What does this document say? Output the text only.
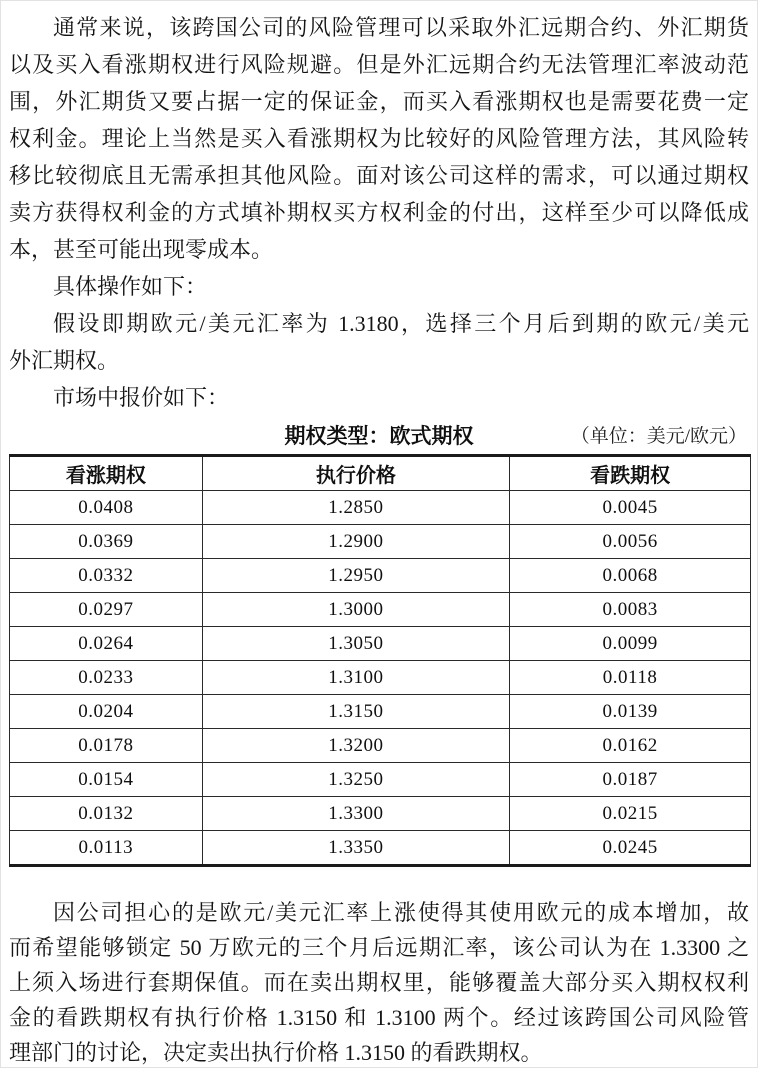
通常来说，该跨国公司的风险管理可以采取外汇远期合约、外汇期货
以及买入看涨期权进行风险规避。但是外汇远期合约无法管理汇率波动范
围，外汇期货又要占据一定的保证金，而买入看涨期权也是需要花费一定
权利金。理论上当然是买入看涨期权为比较好的风险管理方法，其风险转
移比较彻底且无需承担其他风险。面对该公司这样的需求，可以通过期权
卖方获得权利金的方式填补期权买方权利金的付出，这样至少可以降低成
本，甚至可能出现零成本。
具体操作如下：
假设即期欧元/美元汇率为 1.3180，选择三个月后到期的欧元/美元
外汇期权。
市场中报价如下：
期权类型：欧式期权	（单位：美元/欧元）
看涨期权	执行价格	看跌期权
0.0408	1.2850	0.0045
0.0369	1.2900	0.0056
0.0332	1.2950	0.0068
0.0297	1.3000	0.0083
0.0264	1.3050	0.0099
0.0233	1.3100	0.0118
0.0204	1.3150	0.0139
0.0178	1.3200	0.0162
0.0154	1.3250	0.0187
0.0132	1.3300	0.0215
0.0113	1.3350	0.0245
因公司担心的是欧元/美元汇率上涨使得其使用欧元的成本增加，故
而希望能够锁定 50 万欧元的三个月后远期汇率，该公司认为在 1.3300 之
上须入场进行套期保值。而在卖出期权里，能够覆盖大部分买入期权权利
金的看跌期权有执行价格 1.3150 和 1.3100 两个。经过该跨国公司风险管
理部门的讨论，决定卖出执行价格 1.3150 的看跌期权。
